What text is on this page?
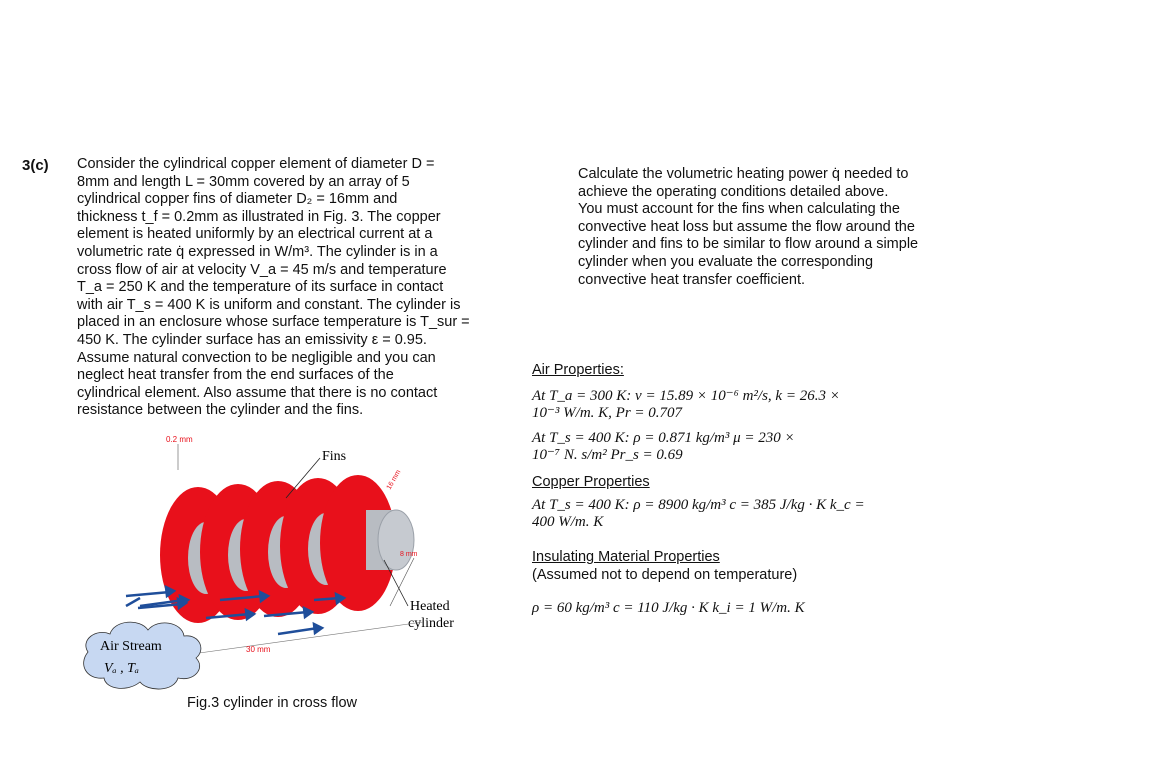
3(c) Consider the cylindrical copper element of diameter D =
8mm and length L = 30mm covered by an array of 5
cylindrical copper fins of diameter D₂ = 16mm and
thickness t_f = 0.2mm as illustrated in Fig. 3. The copper
element is heated uniformly by an electrical current at a
volumetric rate q̇ expressed in W/m³. The cylinder is in a
cross flow of air at velocity V_a = 45 m/s and temperature
T_a = 250 K and the temperature of its surface in contact
with air T_s = 400 K is uniform and constant. The cylinder is
placed in an enclosure whose surface temperature is T_sur =
450 K. The cylinder surface has an emissivity ε = 0.95.
Assume natural convection to be negligible and you can
neglect heat transfer from the end surfaces of the
cylindrical element. Also assume that there is no contact
resistance between the cylinder and the fins.
Calculate the volumetric heating power q̇ needed to
achieve the operating conditions detailed above.
You must account for the fins when calculating the
convective heat loss but assume the flow around the
cylinder and fins to be similar to flow around a simple
cylinder when you evaluate the corresponding
convective heat transfer coefficient.
Air Properties:
At T_a = 300 K: ν = 15.89 × 10⁻⁶ m²/s, k = 26.3 ×
10⁻³ W/m. K, Pr = 0.707
At T_s = 400 K: ρ = 0.871 kg/m³ μ = 230 ×
10⁻⁷ N. s/m² Pr_s = 0.69
Copper Properties
At T_s = 400 K: ρ = 8900 kg/m³ c = 385 J/kg · K k_c =
400 W/m. K
Insulating Material Properties
(Assumed not to depend on temperature)
ρ = 60 kg/m³ c = 110 J/kg · K k_i = 1 W/m. K
0.2 mm
Fins
16 mm
8 mm
Heated
cylinder
30 mm
Air Stream
Vₐ , Tₐ
Fig.3 cylinder in cross flow
